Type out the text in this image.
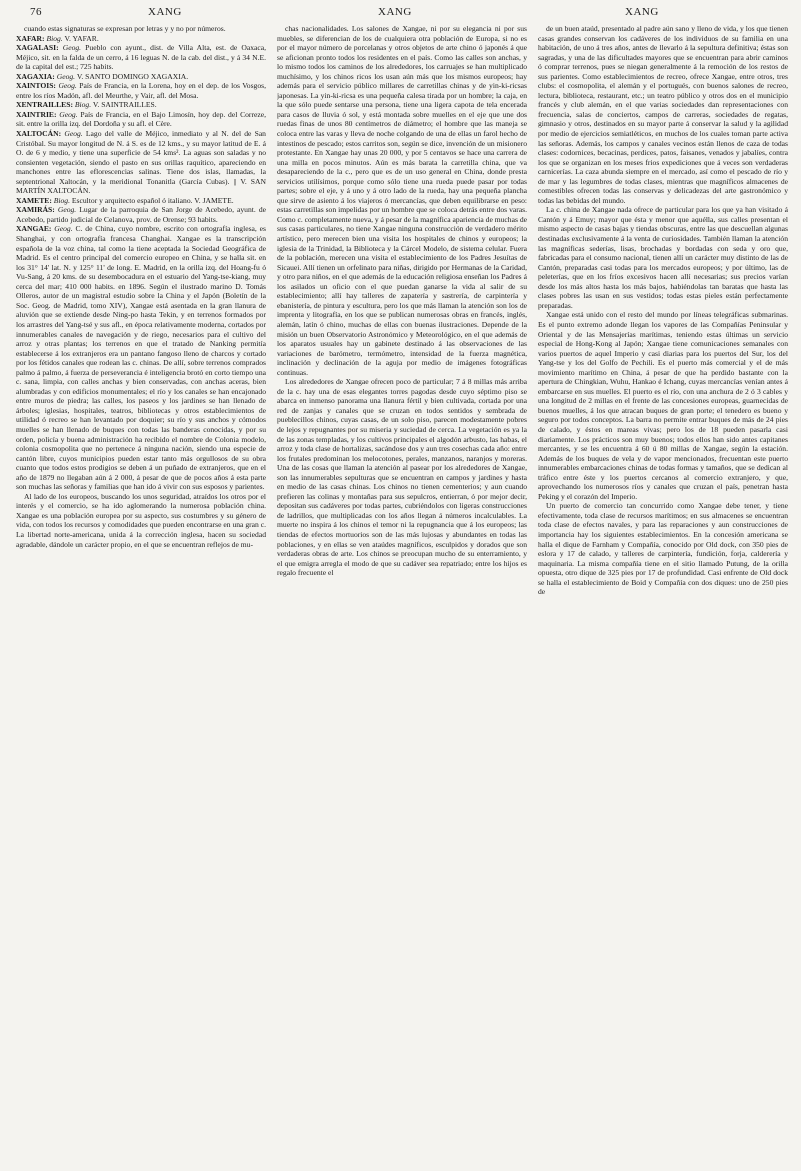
76	XANG	XANG	XANG

cuando estas signaturas se expresan por letras y y no por números.

XAFAR: Biog. V. YAFAR.

XAGALASI: Geog. Pueblo con ayunt., dist. de Villa Alta, est. de Oaxaca, Méjico, sit. en la falda de un cerro, á 16 leguas N. de la cab. del dist., y á 34 N.E. de la capital del est.; 725 habits.

XAGAXIA: Geog. V. SANTO DOMINGO XAGAXIA.

XAINTOIS: Geog. País de Francia, en la Lorena, hoy en el dep. de los Vosgos, entre los ríos Madón, afl. del Meurthe, y Vair, afl. del Mosa.

XENTRAILLES: Biog. V. SAINTRAILLES.

XAINTRIE: Geog. País de Francia, en el Bajo Limosín, hoy dep. del Correze, sit. entre la orilla izq. del Dordoña y su afl. el Cère.

XALTOCÁN: Geog. Lago del valle de Méjico, inmediato y al N. del de San Cristóbal. Su mayor longitud de N. á S. es de 12 kms., y su mayor latitud de E. á O. de 6 y medio, y tiene una superficie de 54 kms². La aguas son saladas y no consienten vegetación, siendo el pasto en sus orillas raquítico, apareciendo en manchones entre las eflorescencias salinas. Tiene dos islas, llamadas, la septentrional Xaltocán, y la meridional Tonanitla (García Cubas). || V. SAN MARTÍN XALTOCÁN.

XAMETE: Biog. Escultor y arquitecto español ó italiano. V. JAMETE.

XAMIRÁS: Geog. Lugar de la parroquia de San Jorge de Acebedo, ayunt. de Acebedo, partido judicial de Celanova, prov. de Orense; 93 habits.

XANGAE: Geog. C. de China, cuyo nombre, escrito con ortografía inglesa, es Shanghai, y con ortografía francesa Changhai. Xangae es la transcripción española de la voz china, tal como la tiene aceptada la Sociedad Geográfica de Madrid. Es el centro principal del comercio europeo en China, y se halla sit. en los 31° 14' lat. N. y 125° 11' de long. E. Madrid, en la orilla izq. del Hoang-fu ó Vu-Sang, á 20 kms. de su desembocadura en el estuario del Yang-tse-kiang, muy cerca del mar; 410 000 habits. en 1896. Según el ilustrado marino D. Tomás Olleros, autor de un magistral estudio sobre la China y el Japón (Boletín de la Soc. Geog. de Madrid, tomo XIV), Xangae está asentada en la gran llanura de aluvión que se extiende desde Ning-po hasta Tekin, y en terrenos formados por los arrastres del Yang-tsé y sus afl., en época relativamente moderna, cortados por innumerables canales de navegación y de riego, necesarios para el cultivo del arroz y otras plantas; los terrenos en que el tratado de Nanking permitía establecerse á los extranjeros era un pantano fangoso lleno de charcos y cortado por los fétidos canales que rodean las c. chinas. De allí, sobre terrenos comprados palmo á palmo, á fuerza de perseverancia é inteligencia brotó en corto tiempo una c. sana, limpia, con calles anchas y bien conservadas, con anchas aceras, bien alumbradas y con edificios monumentales; el río y los canales se han encajonado entre muros de piedra; las calles, los paseos y los jardines se han llenado de árboles; iglesias, hospitales, teatros, bibliotecas y otros establecimientos de utilidad ó recreo se han levantado por doquier; su río y sus anchos y cómodos muelles se han llenado de buques con todas las banderas conocidas, y por su orden, policía y buena administración ha recibido el nombre de Colonia modelo, colonia cosmopolita que no pertenece á ninguna nación, siendo una especie de cantón libre, cuyos municipios pueden estar tanto más orgullosos de su obra cuanto que todos estos prodigios se deben á un puñado de extranjeros, que en el año de 1879 no llegaban aún á 2 000, á pesar de que de pocos años á esta parte son muchas las señoras y familias que han ido á vivir con sus esposos y parientes.

Al lado de los europeos, buscando los unos seguridad, atraídos los otros por el interés y el comercio, se ha ido aglomerando la numerosa población china. Xangae es una población europea por su aspecto, sus costumbres y su género de vida, con todos los recursos y comodidades que pueden encontrarse en una gran c. La libertad norte-americana, unida á la corrección inglesa, hacen su sociedad agradable, dándole un carácter propio, en el que se encuentran reflejos de mu-

chas nacionalidades. Los salones de Xangae, ni por su elegancia ni por sus muebles, se diferencian de los de cualquiera otra población de Europa, si no es por el mayor número de porcelanas y otros objetos de arte chino ó japonés á que se aficionan pronto todos los residentes en el país. Como las calles son anchas, y lo mismo todos los caminos de los alrededores, los carruajes se han multiplicado muchísimo, y los chinos ricos los usan aún más que los mismos europeos; hay además para el servicio público millares de carretillas chinas y de yin-ki-ricsas japonesas. La yin-ki-ricsa es una pequeña calesa tirada por un hombre; la caja, en la que sólo puede sentarse una persona, tiene una ligera capota de tela encerada para casos de lluvia ó sol, y está montada sobre muelles en el eje que une dos ruedas finas de unos 80 centímetros de diámetro; el hombre que las maneja se coloca entre las varas y lleva de noche colgando de una de ellas un farol hecho de intestinos de pescado; estos carritos son, según se dice, invención de un misionero protestante. En Xangae hay unas 20 000, y por 5 centavos se hace una carrera de una milla en pocos minutos. Aún es más barata la carretilla china, que va desapareciendo de la c., pero que es de un uso general en China, donde presta servicios utilísimos, porque como sólo tiene una rueda puede pasar por todas partes; sobre el eje, y á uno y á otro lado de la rueda, hay una pequeña plancha que sirve de asiento á los viajeros ó mercancías, que deben equilibrarse en peso: estas carretillas son impelidas por un hombre que se coloca detrás entre dos varas. Como c. completamente nueva, y á pesar de la magnífica apariencia de muchas de sus casas particulares, no tiene Xangae ninguna construcción de verdadero mérito artístico, pero merecen bien una visita los hospitales de chinos y europeos; la iglesia de la Trinidad, la Biblioteca y la Cárcel Modelo, de sistema celular. Fuera de la población, merecen una visita el establecimiento de los Padres Jesuítas de Sicauei. Allí tienen un orfelinato para niñas, dirigido por Hermanas de la Caridad, y otro para niños, en el que además de la educación religiosa enseñan los Padres á los asilados un oficio con el que puedan ganarse la vida al salir de su establecimiento; allí hay talleres de zapatería y sastrería, de carpintería y ebanistería, de pintura y escultura, pero los que más llaman la atención son los de imprenta y litografía, en los que se publican numerosas obras en francés, inglés, alemán, latín ó chino, muchas de ellas con buenas ilustraciones. Depende de la misión un buen Observatorio Astronómico y Meteorológico, en el que además de los aparatos usuales hay un gabinete destinado á las observaciones de las variaciones de barómetro, termómetro, intensidad de la fuerza magnética, inclinación y declinación de la aguja por medio de imágenes fotográficas continuas.

Los alrededores de Xangae ofrecen poco de particular; 7 á 8 millas más arriba de la c. hay una de esas elegantes torres pagodas desde cuyo séptimo piso se abarca en inmenso panorama una llanura fértil y bien cultivada, cortada por una red de zanjas y canales que se cruzan en todos sentidos y sembrada de pueblecillos chinos, cuyas casas, de un solo piso, parecen modestamente pobres de lejos y repugnantes por su miseria y suciedad de cerca. La vegetación es ya la de las zonas templadas, y los cultivos principales el algodón arbusto, las habas, el arroz y toda clase de hortalizas, sacándose dos y aun tres cosechas cada año: entre los frutales predominan los melocotones, perales, manzanos, naranjos y moreras. Una de las cosas que llaman la atención al pasear por los alrededores de Xangae, son las innumerables sepulturas que se encuentran en campos y jardines y hasta en medio de las casas chinas. Los chinos no tienen cementerios; y aun cuando prefieren las colinas y montañas para sus sepulcros, entierran, ó por mejor decir, depositan sus cadáveres por todas partes, cubriéndolos con ligeras construcciones de ladrillos, que multiplicadas con los años llegan á números incalculables. La muerte no inspira á los chinos el temor ni la repugnancia que á los europeos; las tiendas de efectos mortuorios son de las más lujosas y abundantes en todas las poblaciones, y en ellas se ven ataúdes magníficos, esculpidos y dorados que son verdaderas obras de arte. Los chinos se preocupan mucho de su enterramiento, y el que emigra arregla el modo de que su cadáver sea repatriado; entre los hijos es regalo frecuente el

de un buen ataúd, presentado al padre aún sano y lleno de vida, y los que tienen casas grandes conservan los cadáveres de los individuos de su familia en una habitación, de uno á tres años, antes de llevarlo á la sepultura definitiva; éstas son sagradas, y una de las dificultades mayores que se encuentran para abrir caminos ó comprar terrenos, pues se niegan generalmente á la remoción de los restos de sus parientes. Como establecimientos de recreo, ofrece Xangae, entre otros, tres clubs: el cosmopolita, el alemán y el portugués, con buenos salones de recreo, lectura, biblioteca, restaurant, etc.; un teatro público y otros dos en el municipio francés y club alemán, en el que varias sociedades dan representaciones con frecuencia, salas de conciertos, campos de carreras, sociedades de regatas, gimnasio y otros, destinados en su mayor parte á conservar la salud y la agilidad por medio de ejercicios semiatléticos, en muchos de los cuales toman parte activa las señoras. Además, los campos y canales vecinos están llenos de caza de todas clases: codornices, becacinas, perdices, patos, faisanes, venados y jabalíes, contra los que se organizan en los meses frios expediciones que á veces son verdaderas carnicerías. La caza abunda siempre en el mercado, así como el pescado de río y de mar y las legumbres de todas clases, mientras que magníficos almacenes de comestibles ofrecen todas las conservas y delicadezas del arte gastronómico y todas las bebidas del mundo.

La c. china de Xangae nada ofrece de particular para los que ya han visitado á Cantón y á Emuy; mayor que ésta y menor que aquélla, sus calles presentan el mismo aspecto de casas bajas y tiendas obscuras, entre las que descuellan algunas destinadas exclusivamente á la venta de curiosidades. También llaman la atención las magníficas sederías, lisas, brochadas y bordadas con seda y oro que, fabricadas para el consumo nacional, tienen allí un carácter muy distinto de las de Cantón, preparadas casi todas para los mercados europeos; y por último, las de peleterías, que en los fríos excesivos hacen allí necesarias; sus precios varían desde los más altos hasta los más bajos, habiéndolas tan baratas que hasta las clases pobres las usan en sus vestidos; todas estas pieles están perfectamente preparadas.

Xangae está unido con el resto del mundo por líneas telegráficas submarinas. Es el punto extremo adonde llegan los vapores de las Compañías Peninsular y Oriental y de las Mensajerías marítimas, teniendo estas últimas un servicio especial de Hong-Kong al Japón; Xangae tiene comunicaciones semanales con varios puertos de aquel Imperio y casi diarias para los puertos del Sur, los del Yang-tse y los del Golfo de Pechili. Es el puerto más comercial y el de más movimiento marítimo en China, á pesar de que ha perdido bastante con la apertura de Chingkian, Wuhu, Hankao é Ichang, cuyas mercancías venían antes á embarcarse en sus muelles. El puerto es el río, con una anchura de 2 ó 3 cables y una longitud de 2 millas en el frente de las concesiones europeas, guarnecidas de buenos muelles, á los que atracan buques de gran porte; el tenedero es bueno y seguro por todos conceptos. La barra no permite entrar buques de más de 24 pies de calado, y éstos en mareas vivas; pero los de 18 pueden pasarla casi diariamente. Los prácticos son muy buenos; todos ellos han sido antes capitanes mercantes, y se les encuentra á 60 ú 80 millas de Xangae, según la estación. Además de los buques de vela y de vapor mencionados, frecuentan este puerto innumerables embarcaciones chinas de todas formas y tamaños, que se dedican al tráfico entre éste y los puertos cercanos al comercio extranjero, y que, aprovechando los numerosos ríos y canales que cruzan el país, penetran hasta Peking y el corazón del Imperio.

Un puerto de comercio tan concurrido como Xangae debe tener, y tiene efectivamente, toda clase de recursos marítimos; en sus almacenes se encuentran toda clase de efectos navales, y para las reparaciones y aun construcciones de importancia hay los siguientes establecimientos. En la concesión americana se halla el dique de Farnham y Compañía, conocido por Old dock, con 350 pies de eslora y 17 de calado, y talleres de carpintería, fundición, forja, calderería y maquinaria. La misma compañía tiene en el sitio llamado Putung, de la orilla opuesta, otro dique de 325 pies por 17 de profundidad. Casi enfrente de Old dock se halla el establecimiento de Boid y Compañía con dos diques: uno de 250 pies de
